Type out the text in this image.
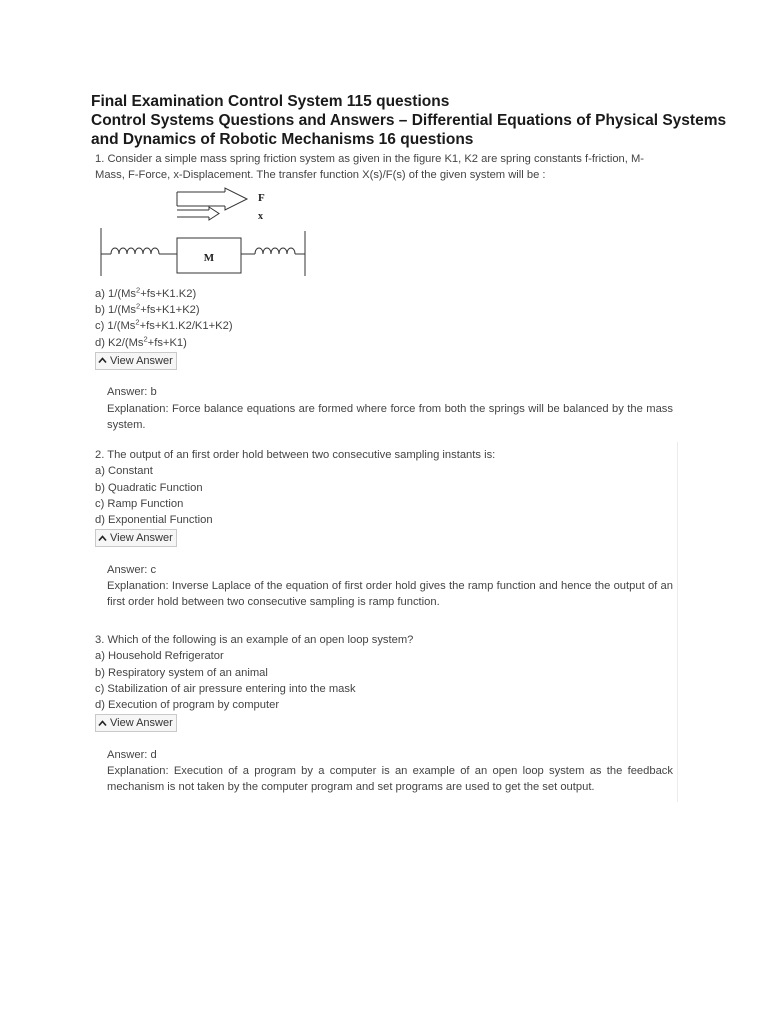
Final Examination Control System 115 questions
Control Systems Questions and Answers – Differential Equations of Physical Systems and Dynamics of Robotic Mechanisms 16 questions
1. Consider a simple mass spring friction system as given in the figure K1, K2 are spring constants f-friction, M-Mass, F-Force, x-Displacement. The transfer function X(s)/F(s) of the given system will be :
F
x
M
a) $1/(Ms^2+fs+K1.K2)$
b) $1/(Ms^2+fs+K1+K2)$
c) $1/(Ms^2+fs+K1.K2/K1+K2)$
d) $K2/(Ms^2+fs+K1)$
View Answer

Answer: b

Explanation: Force balance equations are formed where force from both the springs will be balanced by the mass system.

2. The output of an first order hold between two consecutive sampling instants is:
a) Constant
b) Quadratic Function
c) Ramp Function
d) Exponential Function
View Answer

Answer: c

Explanation: Inverse Laplace of the equation of first order hold gives the ramp function and hence the output of an first order hold between two consecutive sampling is ramp function.

3. Which of the following is an example of an open loop system?
a) Household Refrigerator
b) Respiratory system of an animal
c) Stabilization of air pressure entering into the mask
d) Execution of program by computer
View Answer

Answer: d

Explanation: Execution of a program by a computer is an example of an open loop system as the feedback mechanism is not taken by the computer program and set programs are used to get the set output.
